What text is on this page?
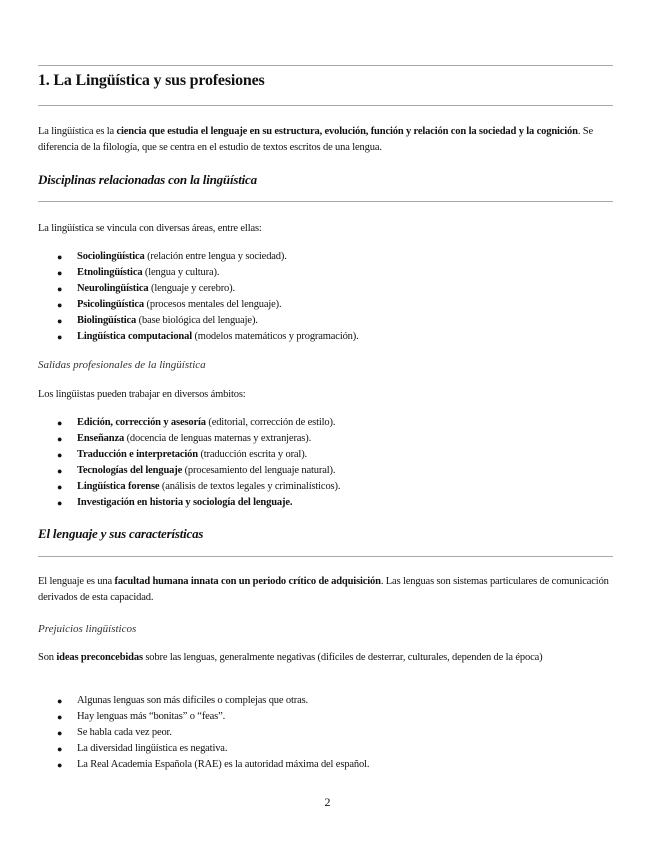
1. La Lingüística y sus profesiones

La lingüística es la ciencia que estudia el lenguaje en su estructura, evolución, función y relación con la sociedad y la cognición. Se diferencia de la filología, que se centra en el estudio de textos escritos de una lengua.

Disciplinas relacionadas con la lingüística

La lingüística se vincula con diversas áreas, entre ellas:

● Sociolingüística (relación entre lengua y sociedad).
● Etnolingüística (lengua y cultura).
● Neurolingüística (lenguaje y cerebro).
● Psicolingüística (procesos mentales del lenguaje).
● Biolingüística (base biológica del lenguaje).
● Lingüística computacional (modelos matemáticos y programación).
Salidas profesionales de la lingüística

Los lingüistas pueden trabajar en diversos ámbitos:

● Edición, corrección y asesoría (editorial, corrección de estilo).
● Enseñanza (docencia de lenguas maternas y extranjeras).
● Traducción e interpretación (traducción escrita y oral).
● Tecnologías del lenguaje (procesamiento del lenguaje natural).
● Lingüística forense (análisis de textos legales y criminalísticos).
● Investigación en historia y sociología del lenguaje.
El lenguaje y sus características

El lenguaje es una facultad humana innata con un periodo crítico de adquisición. Las lenguas son sistemas particulares de comunicación derivados de esta capacidad.

Prejuicios lingüísticos

Son ideas preconcebidas sobre las lenguas, generalmente negativas (difíciles de desterrar, culturales, dependen de la época)

● Algunas lenguas son más difíciles o complejas que otras.
● Hay lenguas más “bonitas” o “feas”.
● Se habla cada vez peor.
● La diversidad lingüística es negativa.
● La Real Academia Española (RAE) es la autoridad máxima del español.
2
